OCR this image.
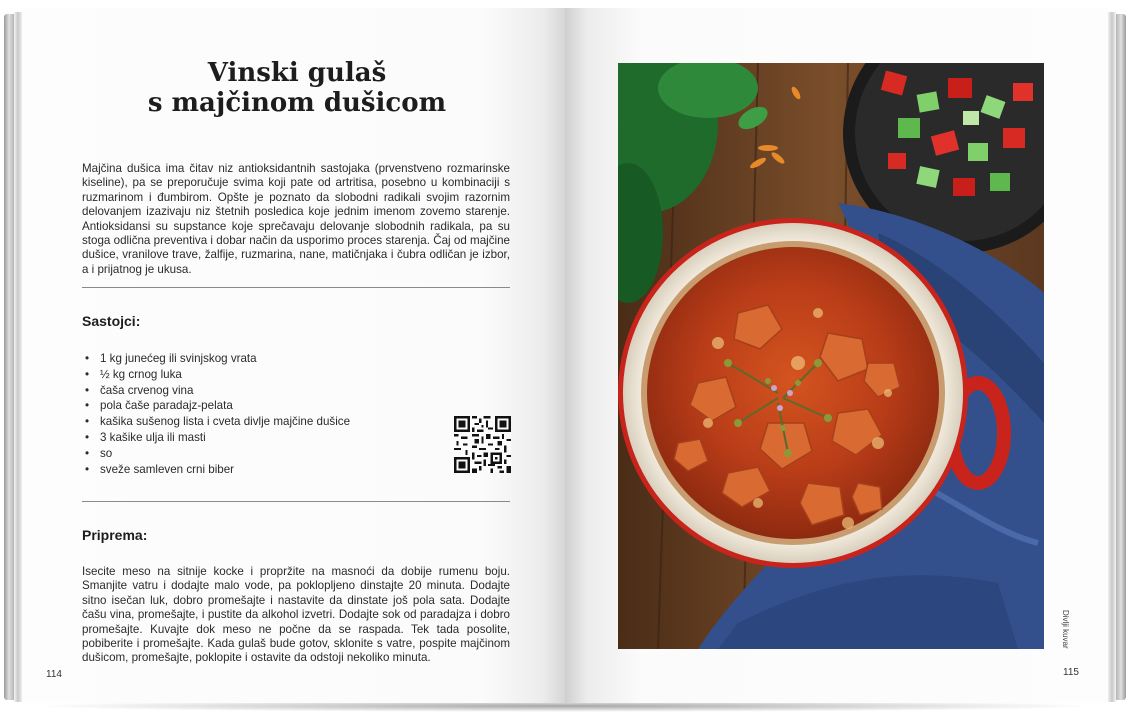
Vinski gulaš
s majčinom dušicom

Majčina dušica ima čitav niz antioksidantnih sastojaka (prvenstveno rozmarinske kiseline), pa se preporučuje svima koji pate od artritisa, posebno u kombinaciji s ruzmarinom i đumbirom. Opšte je poznato da slobodni radikali svojim razornim delovanjem izazivaju niz štetnih posledica koje jednim imenom zovemo starenje. Antioksidansi su supstance koje sprečavaju delovanje slobodnih radikala, pa su stoga odlična preventiva i dobar način da usporimo proces starenja. Čaj od majčine dušice, vranilove trave, žalfije, ruzmarina, nane, matičnjaka i čubra odličan je izbor, a i prijatnog je ukusa.

Sastojci:
• 1 kg junećeg ili svinjskog vrata
• ½ kg crnog luka
• čaša crvenog vina
• pola čaše paradajz-pelata
• kašika sušenog lista i cveta divlje majčine dušice
• 3 kašike ulja ili masti
• so
• sveže samleven crni biber
Priprema:

Isecite meso na sitnije kocke i propržite na masnoći da dobije rumenu boju. Smanjite vatru i dodajte malo vode, pa poklopljeno dinstajte 20 minuta. Dodajte sitno isečan luk, dobro promešajte i nastavite da dinstate još pola sata. Dodajte čašu vina, promešajte, i pustite da alkohol izvetri. Dodajte sok od paradajza i dobro promešajte. Kuvajte dok meso ne počne da se raspada. Tek tada posolite, pobiberite i promešajte. Kada gulaš bude gotov, sklonite s vatre, pospite majčinom dušicom, promešajte, poklopite i ostavite da odstoji nekoliko minuta.

114
Divlji kuvar
115
